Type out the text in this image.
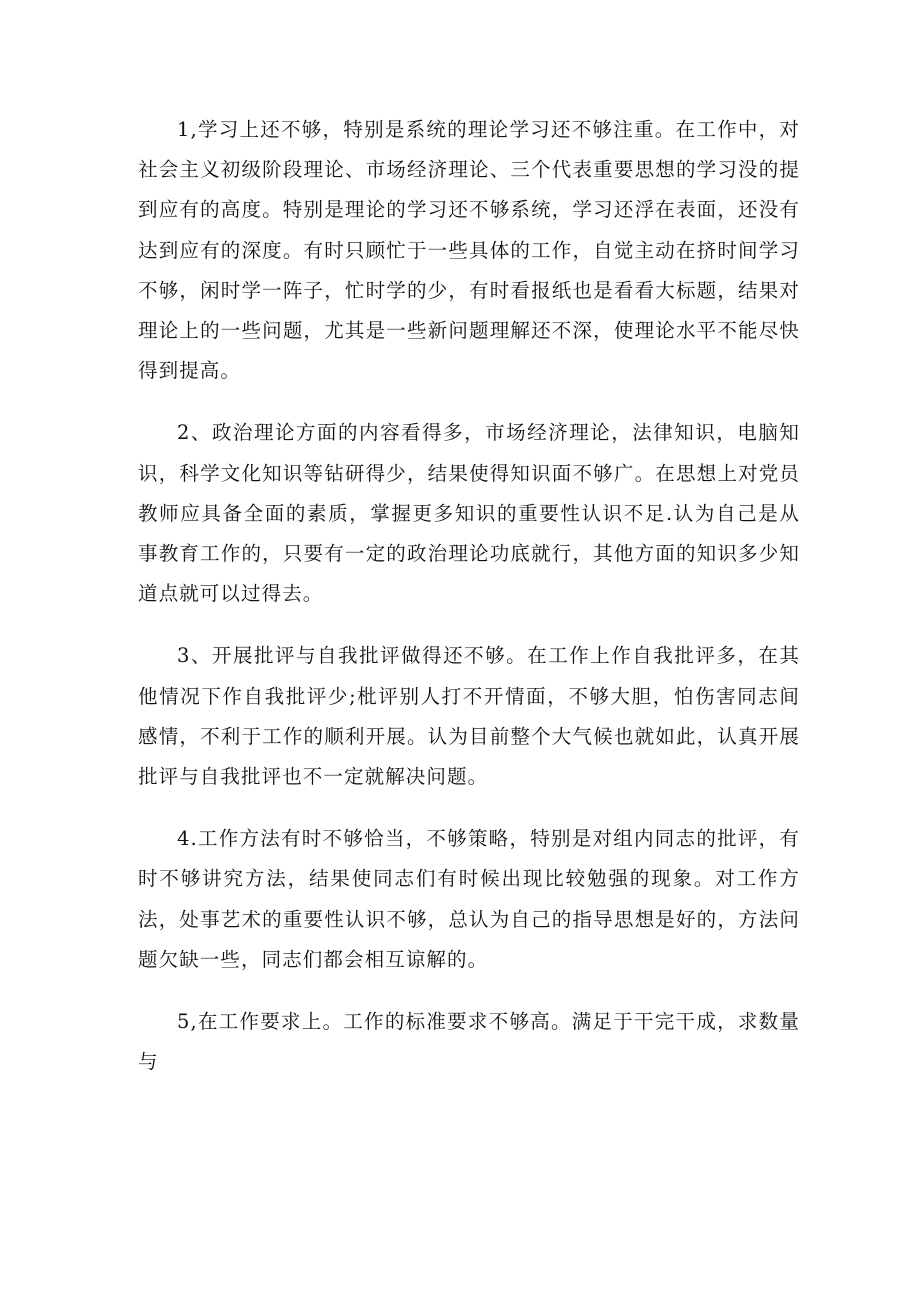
1,学习上还不够，特别是系统的理论学习还不够注重。在工作中，对社会主义初级阶段理论、市场经济理论、三个代表重要思想的学习没的提到应有的高度。特别是理论的学习还不够系统，学习还浮在表面，还没有达到应有的深度。有时只顾忙于一些具体的工作，自觉主动在挤时间学习不够，闲时学一阵子，忙时学的少，有时看报纸也是看看大标题，结果对理论上的一些问题，尤其是一些新问题理解还不深，使理论水平不能尽快得到提高。

2、政治理论方面的内容看得多，市场经济理论，法律知识，电脑知识，科学文化知识等钻研得少，结果使得知识面不够广。在思想上对党员教师应具备全面的素质，掌握更多知识的重要性认识不足.认为自己是从事教育工作的，只要有一定的政治理论功底就行，其他方面的知识多少知道点就可以过得去。

3、开展批评与自我批评做得还不够。在工作上作自我批评多，在其他情况下作自我批评少;枇评别人打不开情面，不够大胆，怕伤害同志间感情，不利于工作的顺利开展。认为目前整个大气候也就如此，认真开展批评与自我批评也不一定就解决问题。

4.工作方法有时不够恰当，不够策略，特别是对组内同志的批评，有时不够讲究方法，结果使同志们有时候出现比较勉强的现象。对工作方法，处事艺术的重要性认识不够，总认为自己的指导思想是好的，方法问题欠缺一些，同志们都会相互谅解的。

5,在工作要求上。工作的标准要求不够高。满足于干完干成，求数量与
